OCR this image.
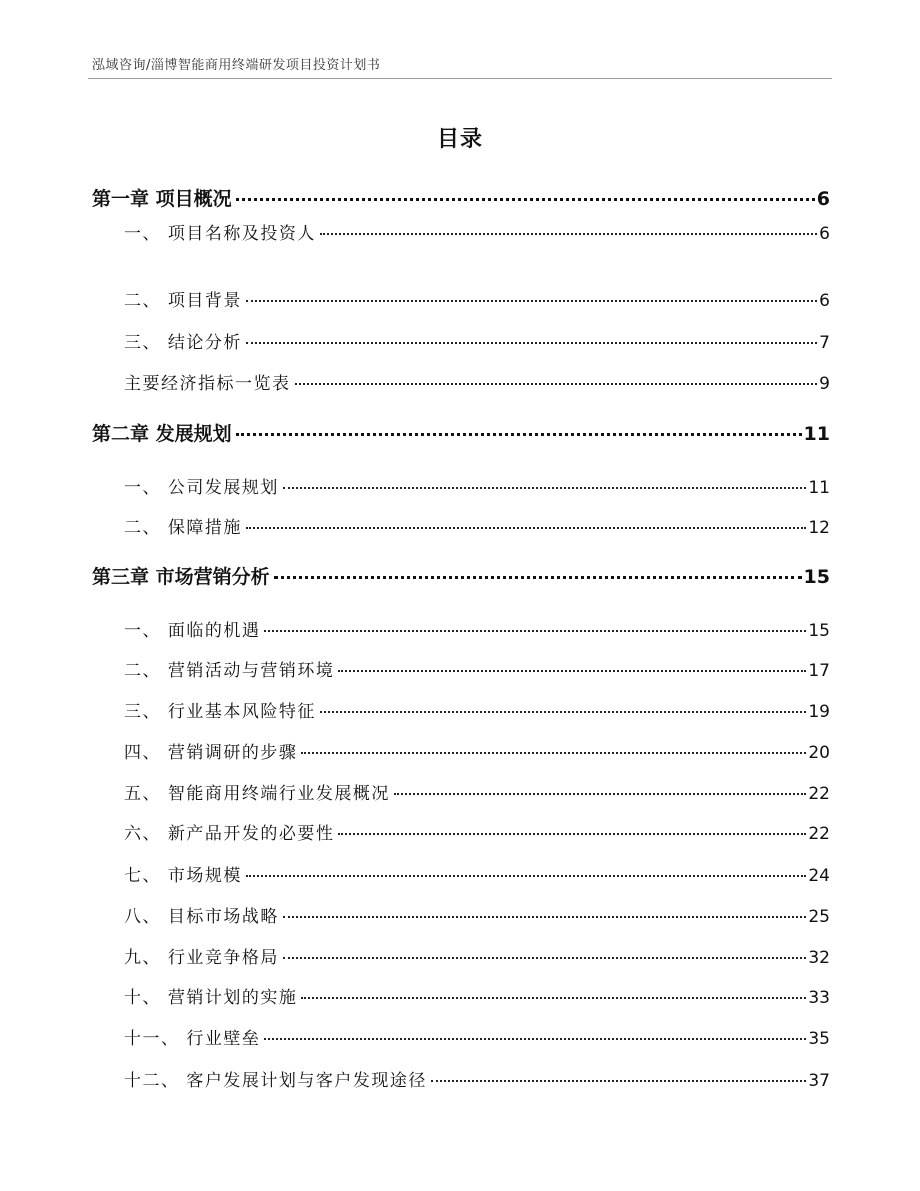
泓域咨询/淄博智能商用终端研发项目投资计划书
目录
第一章 项目概况	6
一、 项目名称及投资人	6
二、 项目背景	6
三、 结论分析	7
主要经济指标一览表	9
第二章 发展规划	11
一、 公司发展规划	11
二、 保障措施	12
第三章 市场营销分析	15
一、 面临的机遇	15
二、 营销活动与营销环境	17
三、 行业基本风险特征	19
四、 营销调研的步骤	20
五、 智能商用终端行业发展概况	22
六、 新产品开发的必要性	22
七、 市场规模	24
八、 目标市场战略	25
九、 行业竞争格局	32
十、 营销计划的实施	33
十一、 行业壁垒	35
十二、 客户发展计划与客户发现途径	37
